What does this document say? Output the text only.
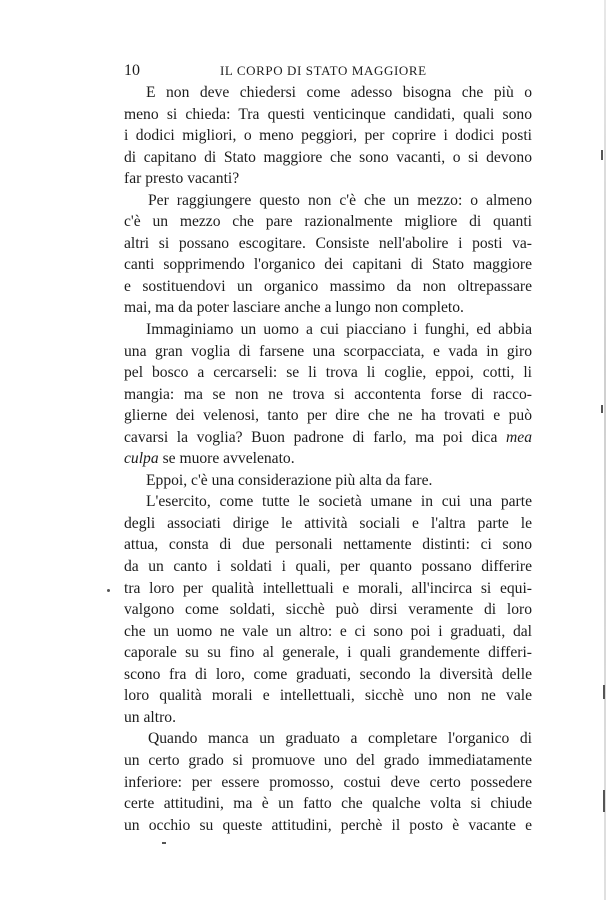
10	IL CORPO DI STATO MAGGIORE
E non deve chiedersi come adesso bisogna che più o
meno si chieda: Tra questi venticinque candidati, quali sono
i dodici migliori, o meno peggiori, per coprire i dodici posti
di capitano di Stato maggiore che sono vacanti, o si devono
far presto vacanti?
Per raggiungere questo non c'è che un mezzo: o almeno
c'è un mezzo che pare razionalmente migliore di quanti
altri si possano escogitare. Consiste nell'abolire i posti va-
canti sopprimendo l'organico dei capitani di Stato maggiore
e sostituendovi un organico massimo da non oltrepassare
mai, ma da poter lasciare anche a lungo non completo.
Immaginiamo un uomo a cui piacciano i funghi, ed abbia
una gran voglia di farsene una scorpacciata, e vada in giro
pel bosco a cercarseli: se li trova li coglie, eppoi, cotti, li
mangia: ma se non ne trova si accontenta forse di racco-
glierne dei velenosi, tanto per dire che ne ha trovati e può
cavarsi la voglia? Buon padrone di farlo, ma poi dica mea
culpa se muore avvelenato.
Eppoi, c'è una considerazione più alta da fare.
L'esercito, come tutte le società umane in cui una parte
degli associati dirige le attività sociali e l'altra parte le
attua, consta di due personali nettamente distinti: ci sono
da un canto i soldati i quali, per quanto possano differire
tra loro per qualità intellettuali e morali, all'incirca si equi-
valgono come soldati, sicchè può dirsi veramente di loro
che un uomo ne vale un altro: e ci sono poi i graduati, dal
caporale su su fino al generale, i quali grandemente differi-
scono fra di loro, come graduati, secondo la diversità delle
loro qualità morali e intellettuali, sicchè uno non ne vale
un altro.
Quando manca un graduato a completare l'organico di
un certo grado si promuove uno del grado immediatamente
inferiore: per essere promosso, costui deve certo possedere
certe attitudini, ma è un fatto che qualche volta si chiude
un occhio su queste attitudini, perchè il posto è vacante e
